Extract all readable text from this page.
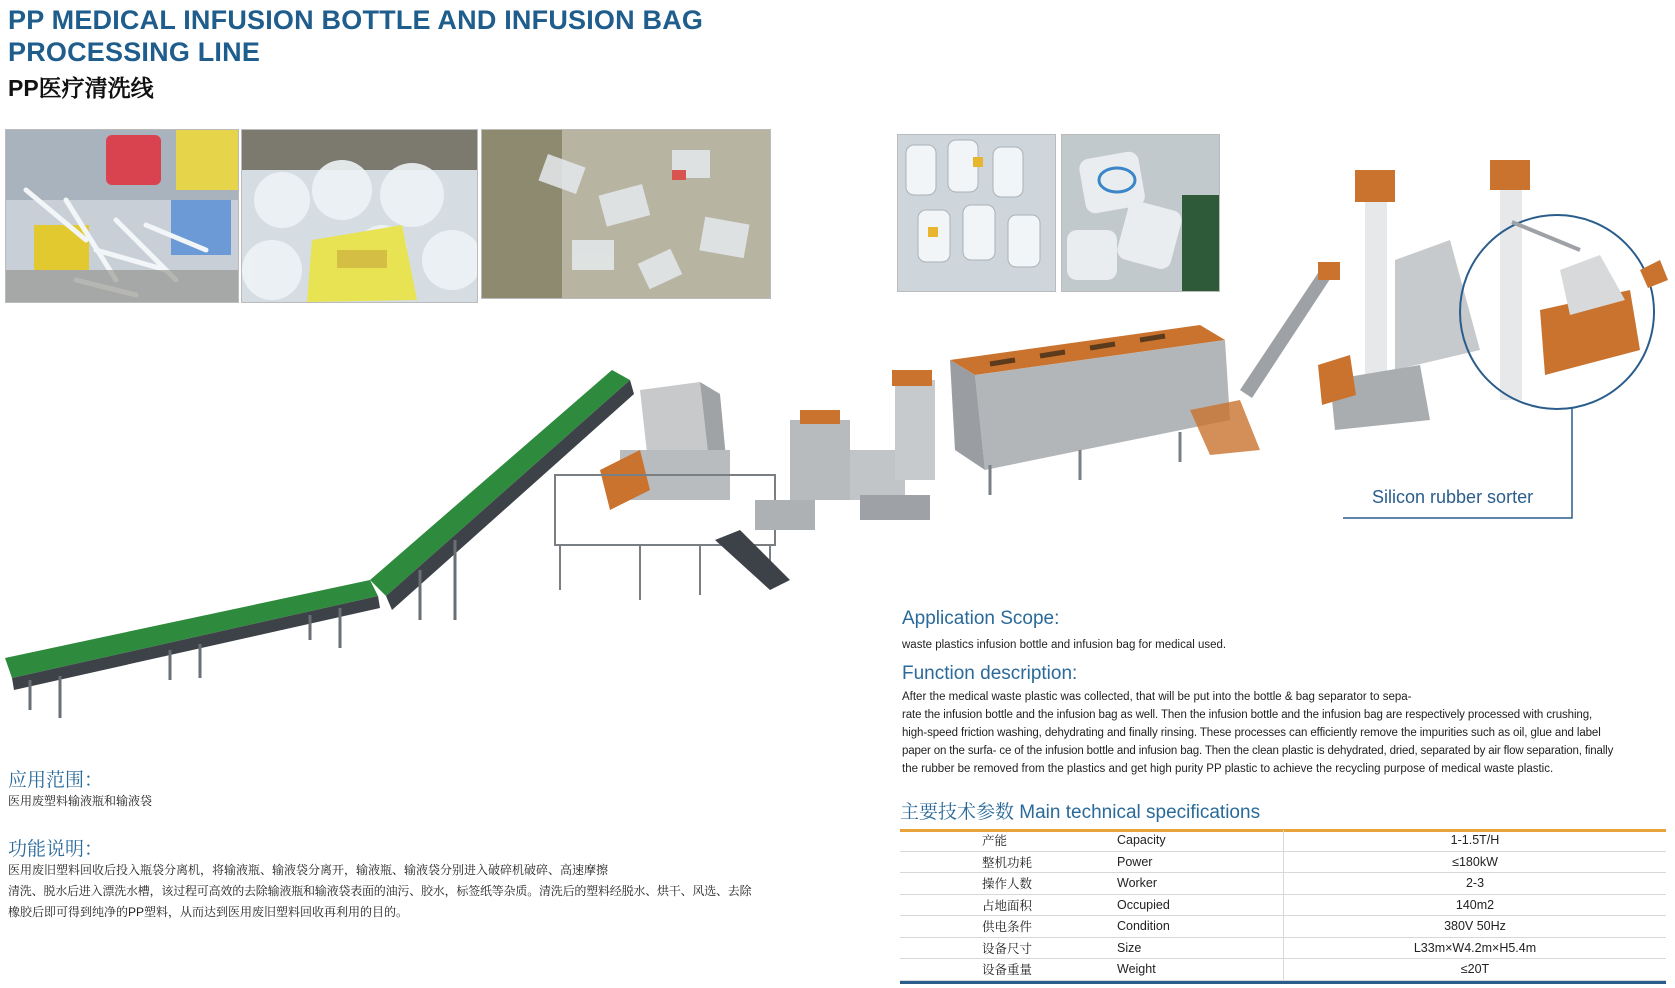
PP MEDICAL INFUSION BOTTLE AND INFUSION BAG PROCESSING LINE
PP医疗清洗线
Silicon rubber sorter
Application Scope:
waste plastics infusion bottle and infusion bag for medical used.
Function description:
After the medical waste plastic was collected, that will be put into the bottle & bag separator to sepa-
rate the infusion bottle and the infusion bag as well. Then the infusion bottle and the infusion bag are respectively processed with crushing,
high-speed friction washing, dehydrating and finally rinsing. These processes can efficiently remove the impurities such as oil, glue and label
paper on the surfa- ce of the infusion bottle and infusion bag. Then the clean plastic is dehydrated, dried, separated by air flow separation, finally
the rubber be removed from the plastics and get high purity PP plastic to achieve the recycling purpose of medical waste plastic.
应用范围：
医用废塑料输液瓶和输液袋
功能说明：
医用废旧塑料回收后投入瓶袋分离机，将输液瓶、输液袋分离开，输液瓶、输液袋分别进入破碎机破碎、高速摩擦
清洗、脱水后进入漂洗水槽，该过程可高效的去除输液瓶和输液袋表面的油污、胶水，标签纸等杂质。清洗后的塑料经脱水、烘干、风选、去除
橡胶后即可得到纯净的PP塑料，从而达到医用废旧塑料回收再利用的目的。
主要技术参数 Main technical specifications
产能	Capacity	1-1.5T/H
整机功耗	Power	≤180kW
操作人数	Worker	2-3
占地面积	Occupied	140m2
供电条件	Condition	380V 50Hz
设备尺寸	Size	L33m×W4.2m×H5.4m
设备重量	Weight	≤20T
